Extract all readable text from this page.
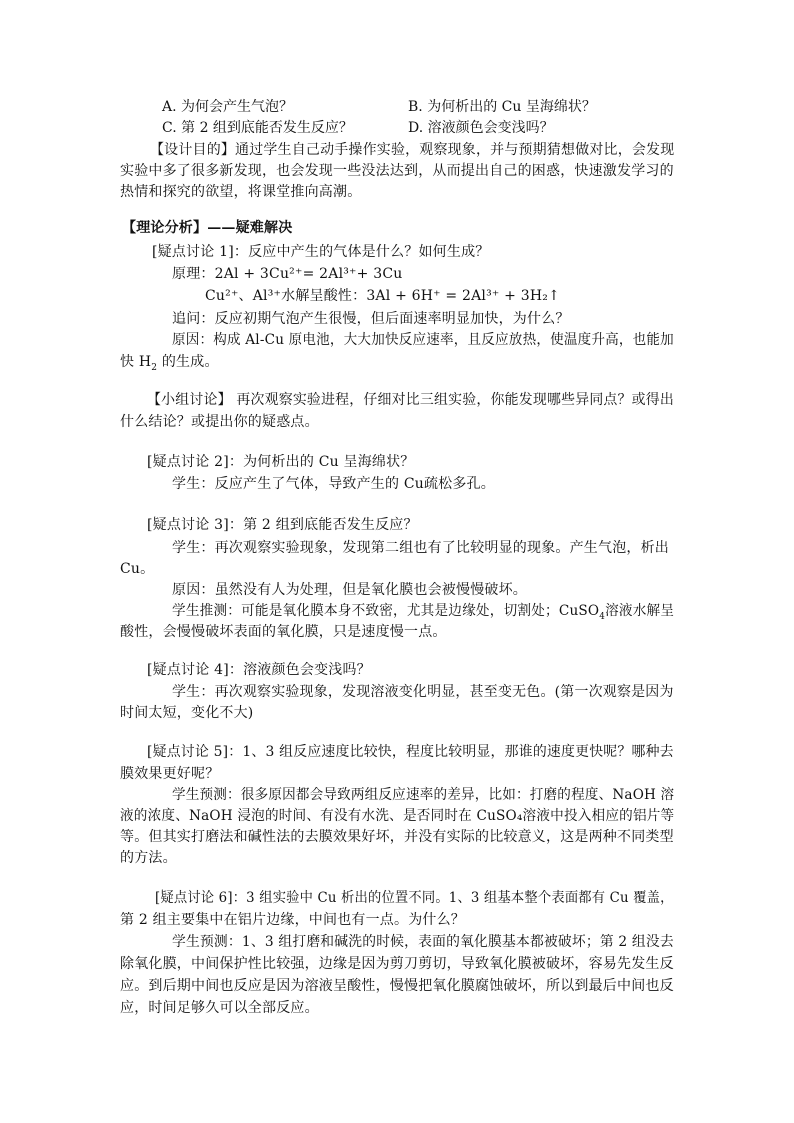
A. 为何会产生气泡？	B. 为何析出的 Cu 呈海绵状？
C. 第 2 组到底能否发生反应？	D. 溶液颜色会变浅吗？
【设计目的】通过学生自己动手操作实验，观察现象，并与预期猜想做对比，会发现
实验中多了很多新发现，也会发现一些没法达到，从而提出自己的困惑，快速激发学习的
热情和探究的欲望，将课堂推向高潮。
【理论分析】——疑难解决
[疑点讨论 1]：反应中产生的气体是什么？如何生成？
原理：2Al + 3Cu²⁺= 2Al³⁺+ 3Cu
Cu²⁺、Al³⁺水解呈酸性：3Al + 6H⁺ = 2Al³⁺ + 3H₂↑
追问：反应初期气泡产生很慢，但后面速率明显加快，为什么？
原因：构成 Al-Cu 原电池，大大加快反应速率，且反应放热，使温度升高，也能加
快 $H_2$ 的生成。
【小组讨论】 再次观察实验进程，仔细对比三组实验，你能发现哪些异同点？或得出
什么结论？或提出你的疑惑点。
[疑点讨论 2]：为何析出的 Cu 呈海绵状？
学生：反应产生了气体，导致产生的 Cu疏松多孔。
[疑点讨论 3]：第 2 组到底能否发生反应？
学生：再次观察实验现象，发现第二组也有了比较明显的现象。产生气泡，析出
Cu。
原因：虽然没有人为处理，但是氧化膜也会被慢慢破坏。
学生推测：可能是氧化膜本身不致密，尤其是边缘处，切割处；CuSO$_4$溶液水解呈
酸性，会慢慢破坏表面的氧化膜，只是速度慢一点。
[疑点讨论 4]：溶液颜色会变浅吗？
学生：再次观察实验现象，发现溶液变化明显，甚至变无色。(第一次观察是因为
时间太短，变化不大)
[疑点讨论 5]：1、3 组反应速度比较快，程度比较明显，那谁的速度更快呢？哪种去
膜效果更好呢？
学生预测：很多原因都会导致两组反应速率的差异，比如：打磨的程度、NaOH 溶
液的浓度、NaOH 浸泡的时间、有没有水洗、是否同时在 CuSO₄溶液中投入相应的铝片等
等。但其实打磨法和碱性法的去膜效果好坏，并没有实际的比较意义，这是两种不同类型
的方法。
[疑点讨论 6]：3 组实验中 Cu 析出的位置不同。1、3 组基本整个表面都有 Cu 覆盖，
第 2 组主要集中在铝片边缘，中间也有一点。为什么？
学生预测：1、3 组打磨和碱洗的时候，表面的氧化膜基本都被破坏；第 2 组没去
除氧化膜，中间保护性比较强，边缘是因为剪刀剪切，导致氧化膜被破坏，容易先发生反
应。到后期中间也反应是因为溶液呈酸性，慢慢把氧化膜腐蚀破坏，所以到最后中间也反
应，时间足够久可以全部反应。
